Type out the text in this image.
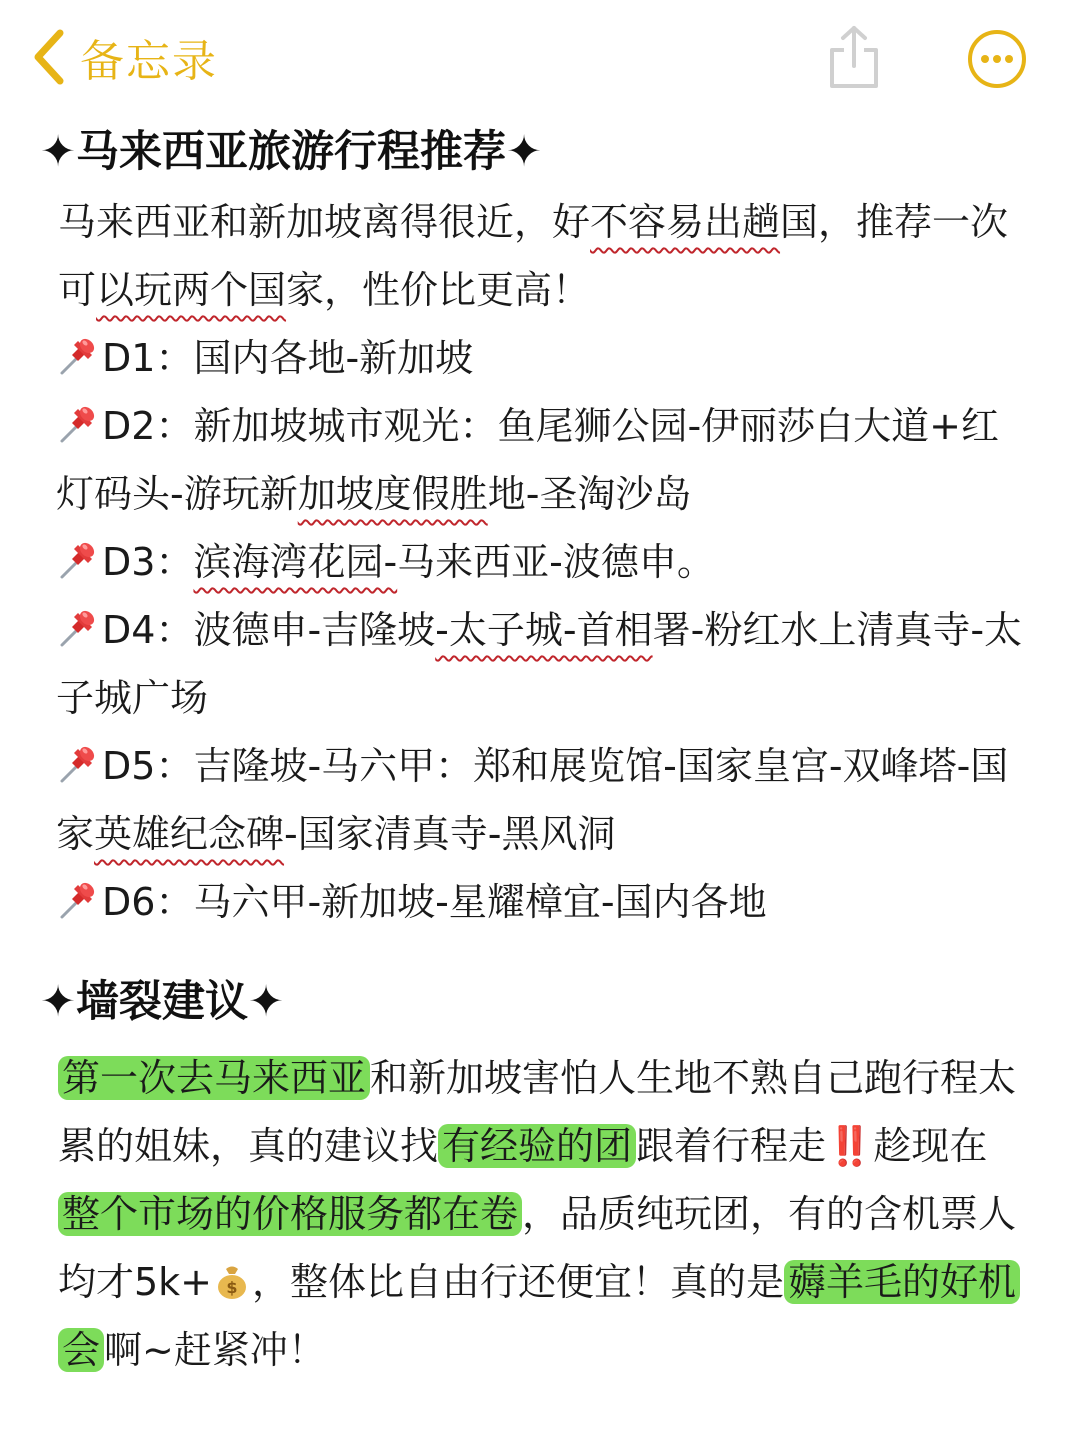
备忘录
✦马来西亚旅游行程推荐✦
马来西亚和新加坡离得很近，好不容易出趟国，推荐一次可以玩两个国家，性价比更高！
D1：国内各地-新加坡
D2：新加坡城市观光：鱼尾狮公园-伊丽莎白大道+红灯码头-游玩新加坡度假胜地-圣淘沙岛
D3：滨海湾花园-马来西亚-波德申。
D4：波德申-吉隆坡-太子城-首相署-粉红水上清真寺-太子城广场
D5：吉隆坡-马六甲：郑和展览馆-国家皇宫-双峰塔-国家英雄纪念碑-国家清真寺-黑风洞
D6：马六甲-新加坡-星耀樟宜-国内各地
✦墙裂建议✦
第一次去马来西亚 和新加坡害怕人生地不熟自己跑行程太累的姐妹，真的建议找 有经验的团 跟着行程走‼️趁现在整个市场的价格服务都在卷 ，品质纯玩团，有的含机票人均才5k+ ，整体比自由行还便宜！真的是 薅羊毛的好机会 啊~赶紧冲！
